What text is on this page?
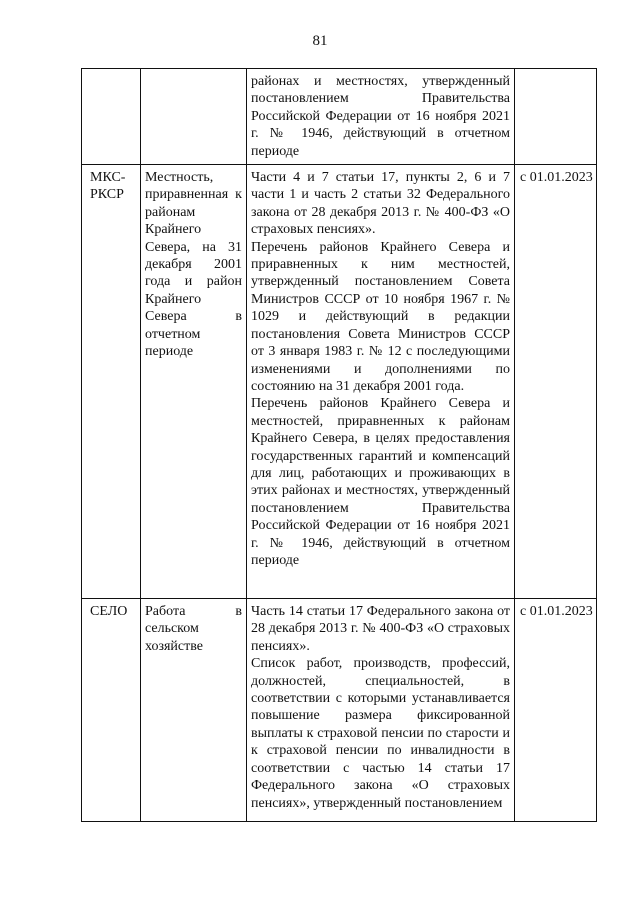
81

		районах и местностях, утвержденный постановлением Правительства Российской Федерации от 16 ноября 2021 г. № 1946, действующий в отчетном периоде	

МКС-РКСР	Местность, приравненная к районам Крайнего Севера, на 31 декабря 2001 года и район Крайнего Севера в отчетном периоде	Части 4 и 7 статьи 17, пункты 2, 6 и 7 части 1 и часть 2 статьи 32 Федерального закона от 28 декабря 2013 г. № 400-ФЗ «О страховых пенсиях».

Перечень районов Крайнего Севера и приравненных к ним местностей, утвержденный постановлением Совета Министров СССР от 10 ноября 1967 г. № 1029 и действующий в редакции постановления Совета Министров СССР от 3 января 1983 г. № 12 с последующими изменениями и дополнениями по состоянию на 31 декабря 2001 года.

Перечень районов Крайнего Севера и местностей, приравненных к районам Крайнего Севера, в целях предоставления государственных гарантий и компенсаций для лиц, работающих и проживающих в этих районах и местностях, утвержденный постановлением Правительства Российской Федерации от 16 ноября 2021 г. № 1946, действующий в отчетном периоде	с 01.01.2023
СЕЛО	Работа в сельском хозяйстве	Часть 14 статьи 17 Федерального закона от 28 декабря 2013 г. № 400-ФЗ «О страховых пенсиях».

Список работ, производств, профессий, должностей, специальностей, в соответствии с которыми устанавливается повышение размера фиксированной выплаты к страховой пенсии по старости и к страховой пенсии по инвалидности в соответствии с частью 14 статьи 17 Федерального закона «О страховых пенсиях», утвержденный постановлением	с 01.01.2023
